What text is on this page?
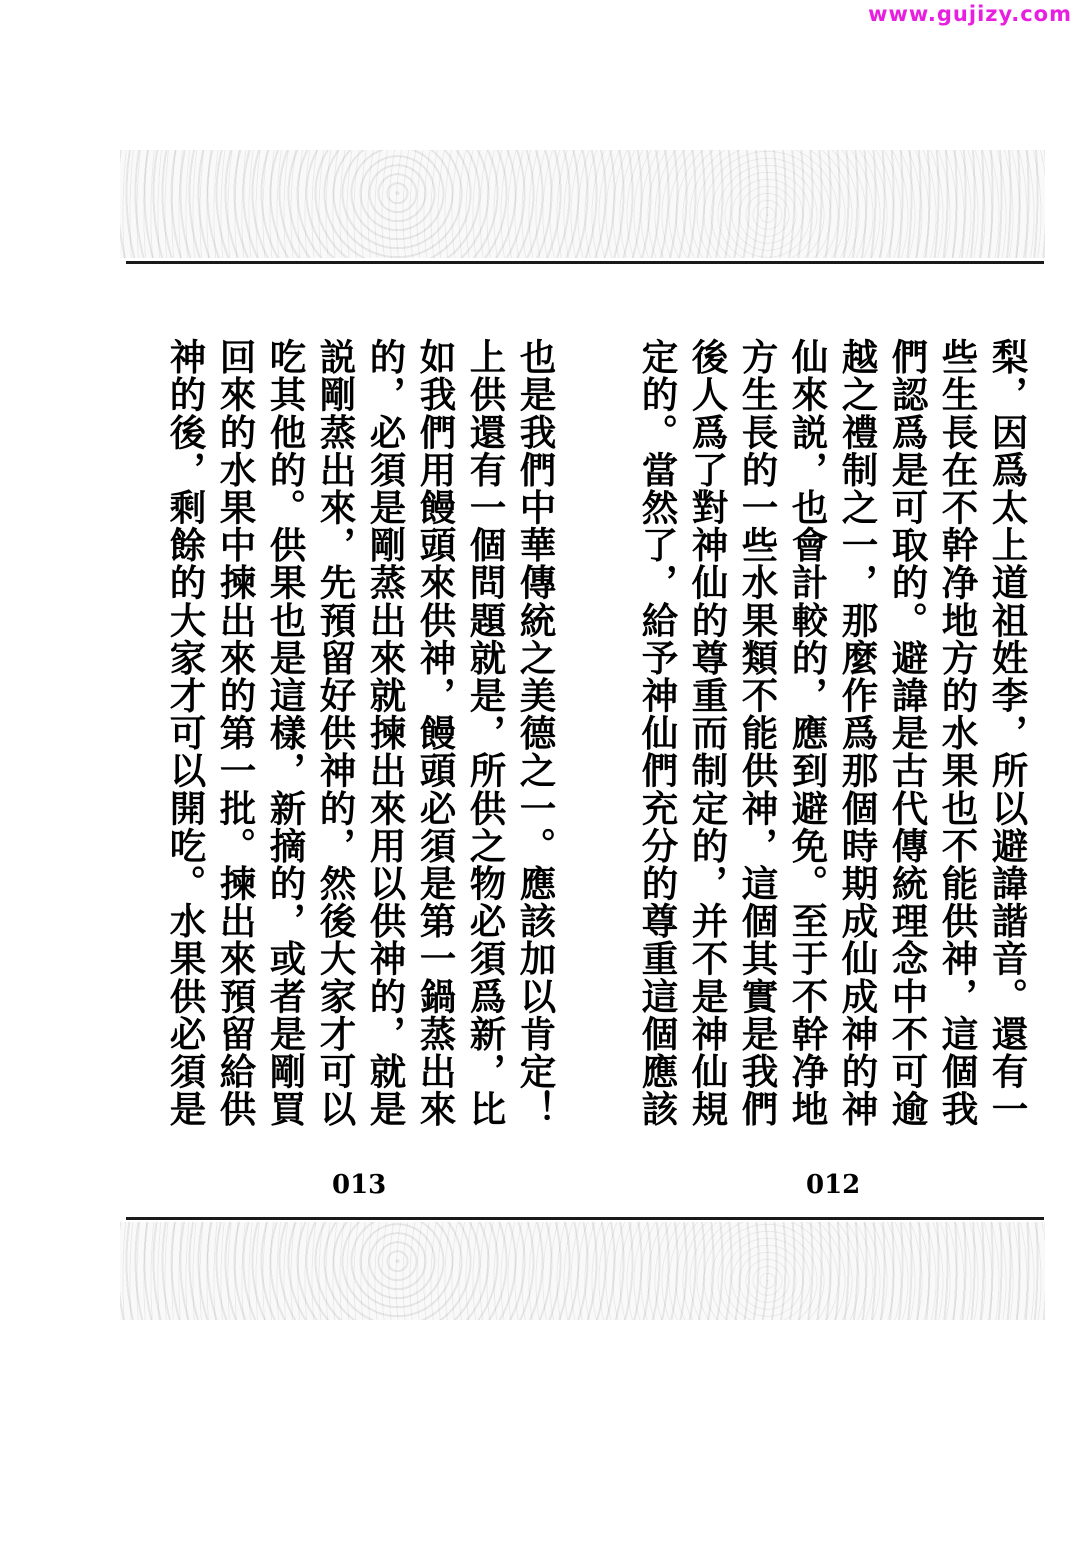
www.gujizy.com
梨，因爲太上道祖姓李，所以避諱諧音。還有一
些生長在不幹净地方的水果也不能供神，這個我
們認爲是可取的。避諱是古代傳統理念中不可逾
越之禮制之一，那麼作爲那個時期成仙成神的神
仙來説，也會計較的，應到避免。至于不幹净地
方生長的一些水果類不能供神，這個其實是我們
後人爲了對神仙的尊重而制定的，并不是神仙規
定的。當然了，給予神仙們充分的尊重這個應該
也是我們中華傳統之美德之一。應該加以肯定！
上供還有一個問題就是，所供之物必須爲新，比
如我們用饅頭來供神，饅頭必須是第一鍋蒸出來
的，必須是剛蒸出來就揀出來用以供神的，就是
説剛蒸出來，先預留好供神的，然後大家才可以
吃其他的。供果也是這樣，新摘的，或者是剛買
回來的水果中揀出來的第一批。揀出來預留給供
神的後，剩餘的大家才可以開吃。水果供必須是
013	012
